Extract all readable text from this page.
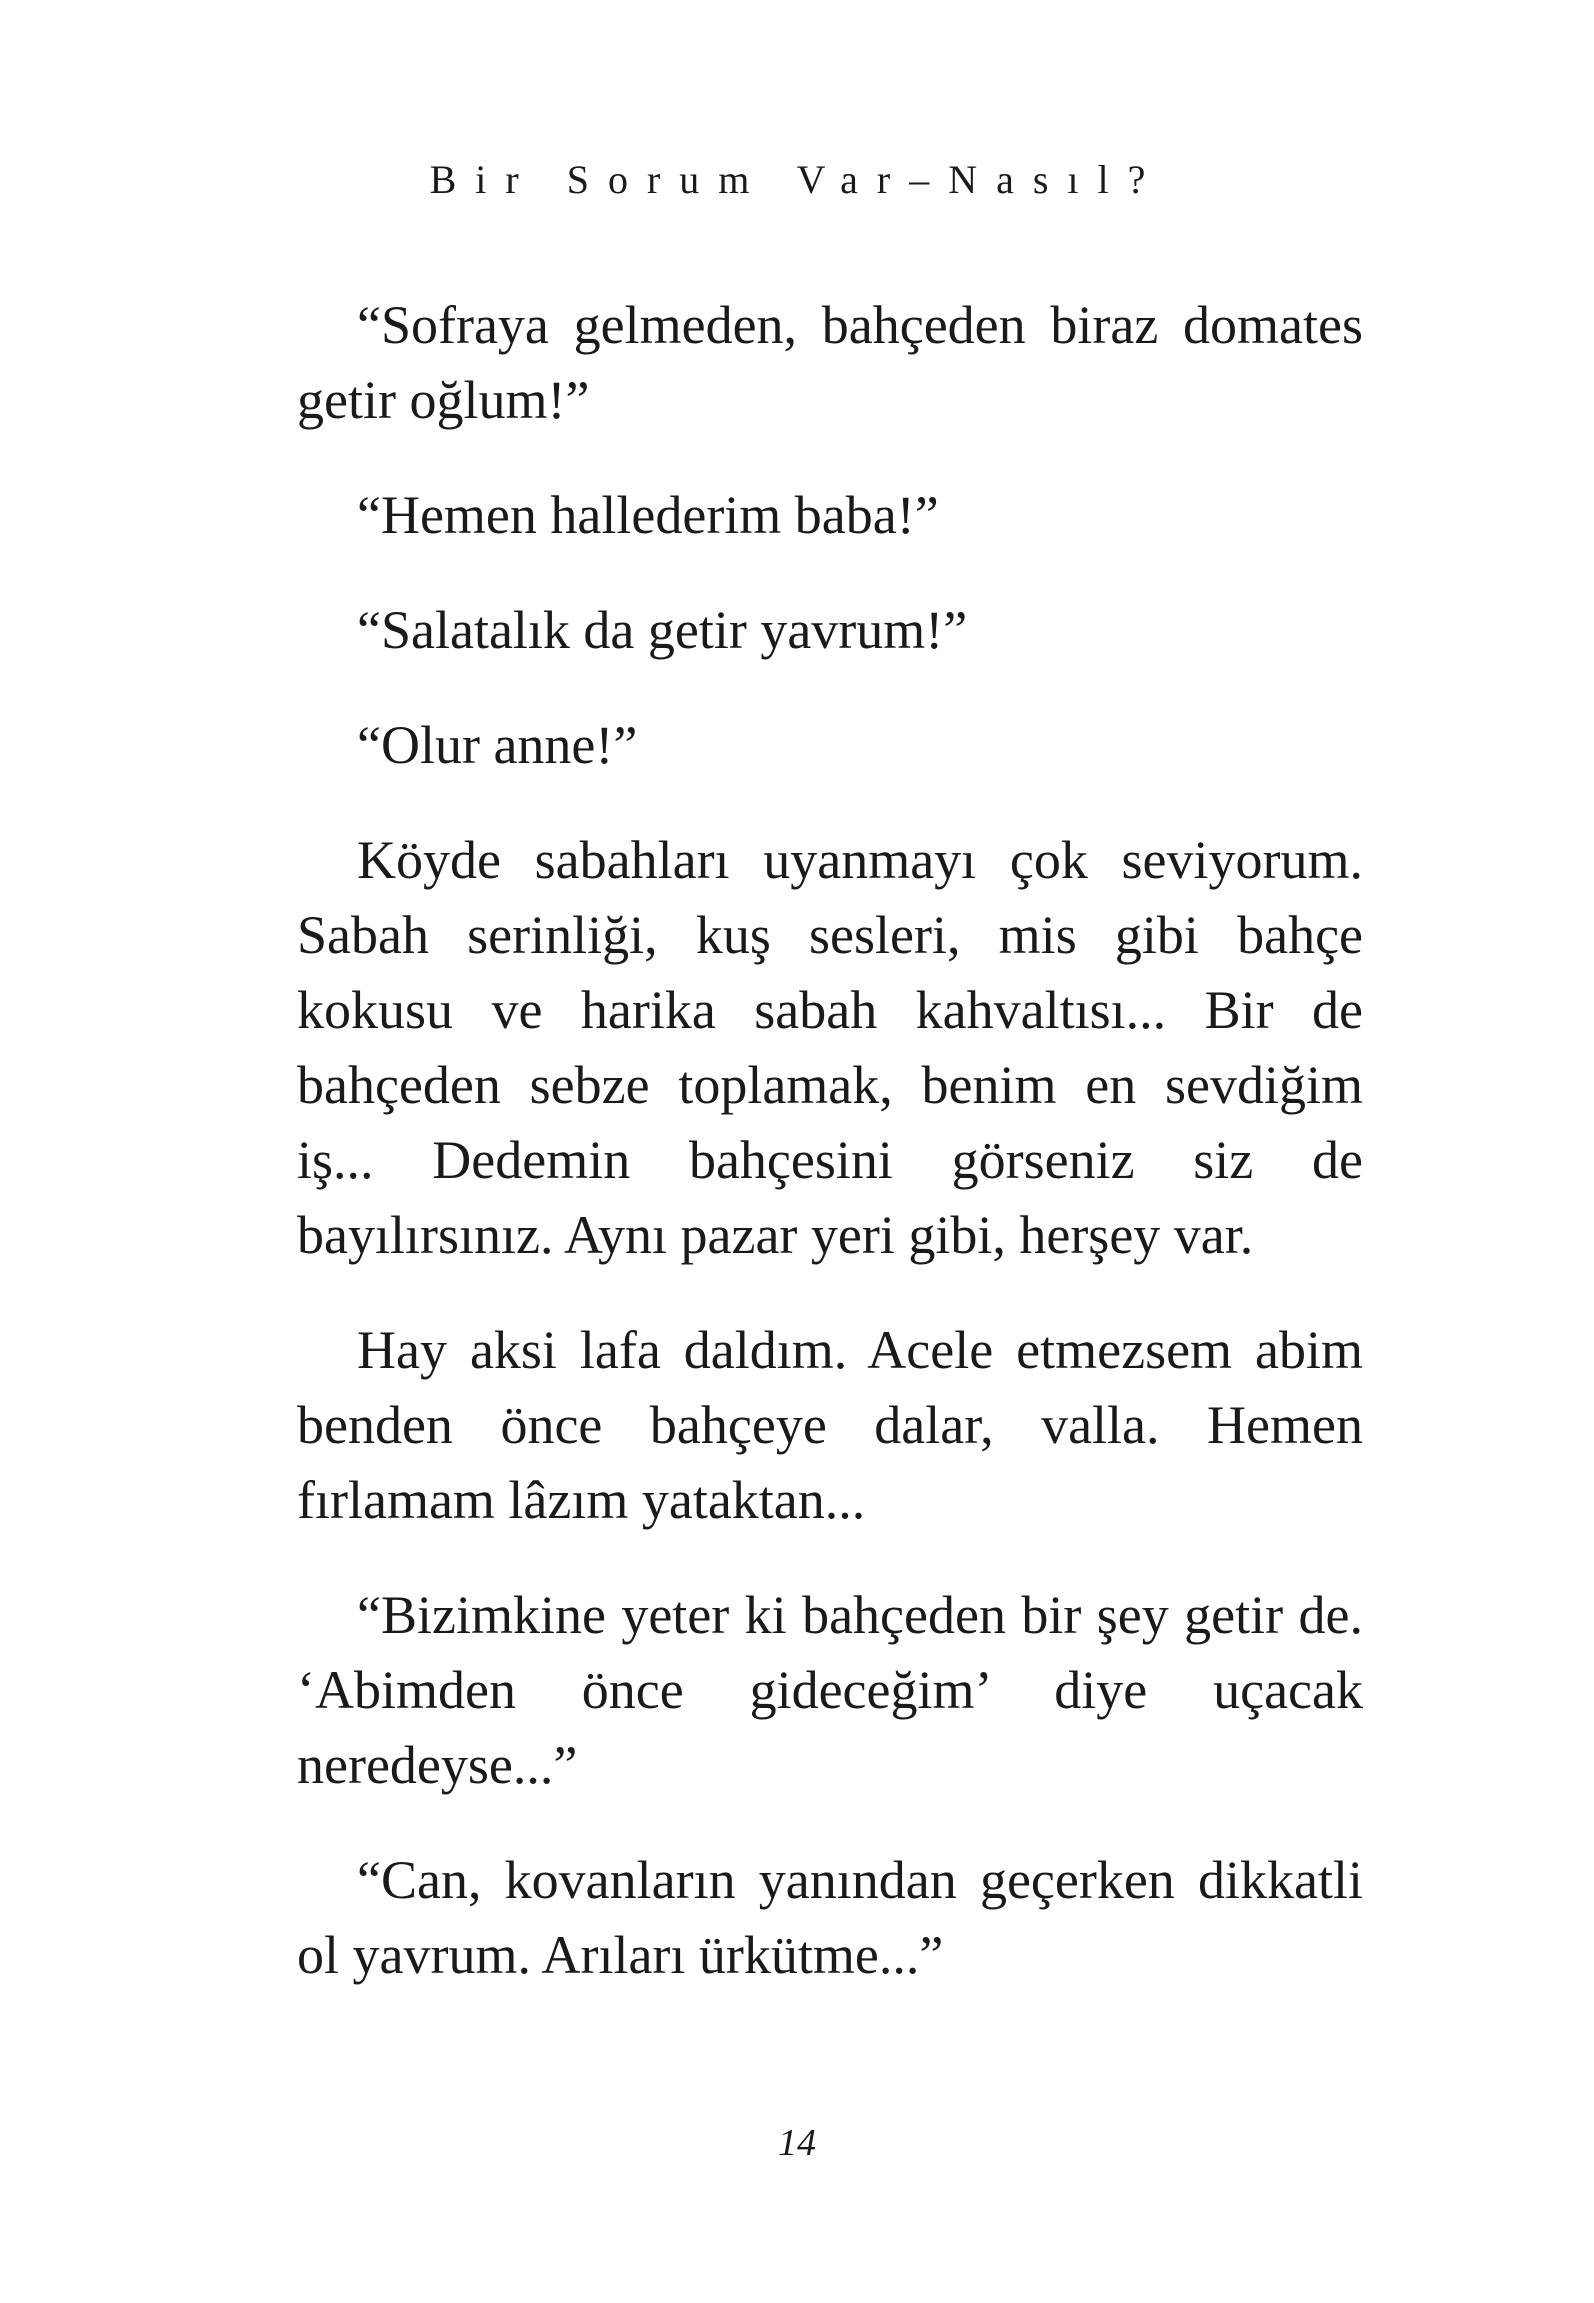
Bir Sorum Var–Nasıl?

“Sofraya gelmeden, bahçeden biraz domates getir oğlum!”

“Hemen hallederim baba!”

“Salatalık da getir yavrum!”

“Olur anne!”

Köyde sabahları uyanmayı çok seviyorum. Sabah serinliği, kuş sesleri, mis gibi bahçe kokusu ve harika sabah kahvaltısı... Bir de bahçeden sebze toplamak, benim en sevdiğim iş... Dedemin bahçesini görseniz siz de bayılırsınız. Aynı pazar yeri gibi, herşey var.

Hay aksi lafa daldım. Acele etmezsem abim benden önce bahçeye dalar, valla. Hemen fırlamam lâzım yataktan...

“Bizimkine yeter ki bahçeden bir şey getir de. ‘Abimden önce gideceğim’ diye uçacak neredeyse...”

“Can, kovanların yanından geçerken dikkatli ol yavrum. Arıları ürkütme...”

14
